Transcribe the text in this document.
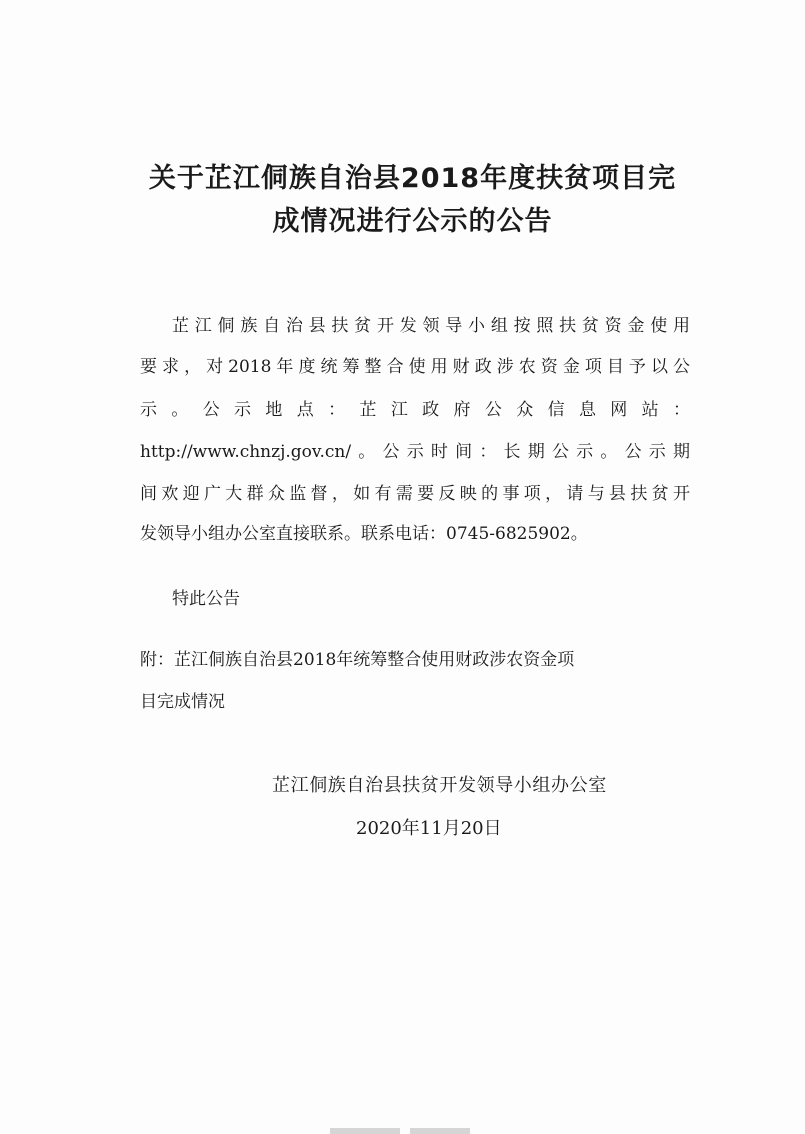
关于芷江侗族自治县2018年度扶贫项目完
成情况进行公示的公告
芷江侗族自治县扶贫开发领导小组按照扶贫资金使用
要求，对2018年度统筹整合使用财政涉农资金项目予以公
示。公示地点：芷江政府公众信息网站：
http://www.chnzj.gov.cn/。公示时间：长期公示。公示期
间欢迎广大群众监督，如有需要反映的事项，请与县扶贫开
发领导小组办公室直接联系。联系电话：0745-6825902。
特此公告
附：芷江侗族自治县2018年统筹整合使用财政涉农资金项
目完成情况
芷江侗族自治县扶贫开发领导小组办公室
2020年11月20日
